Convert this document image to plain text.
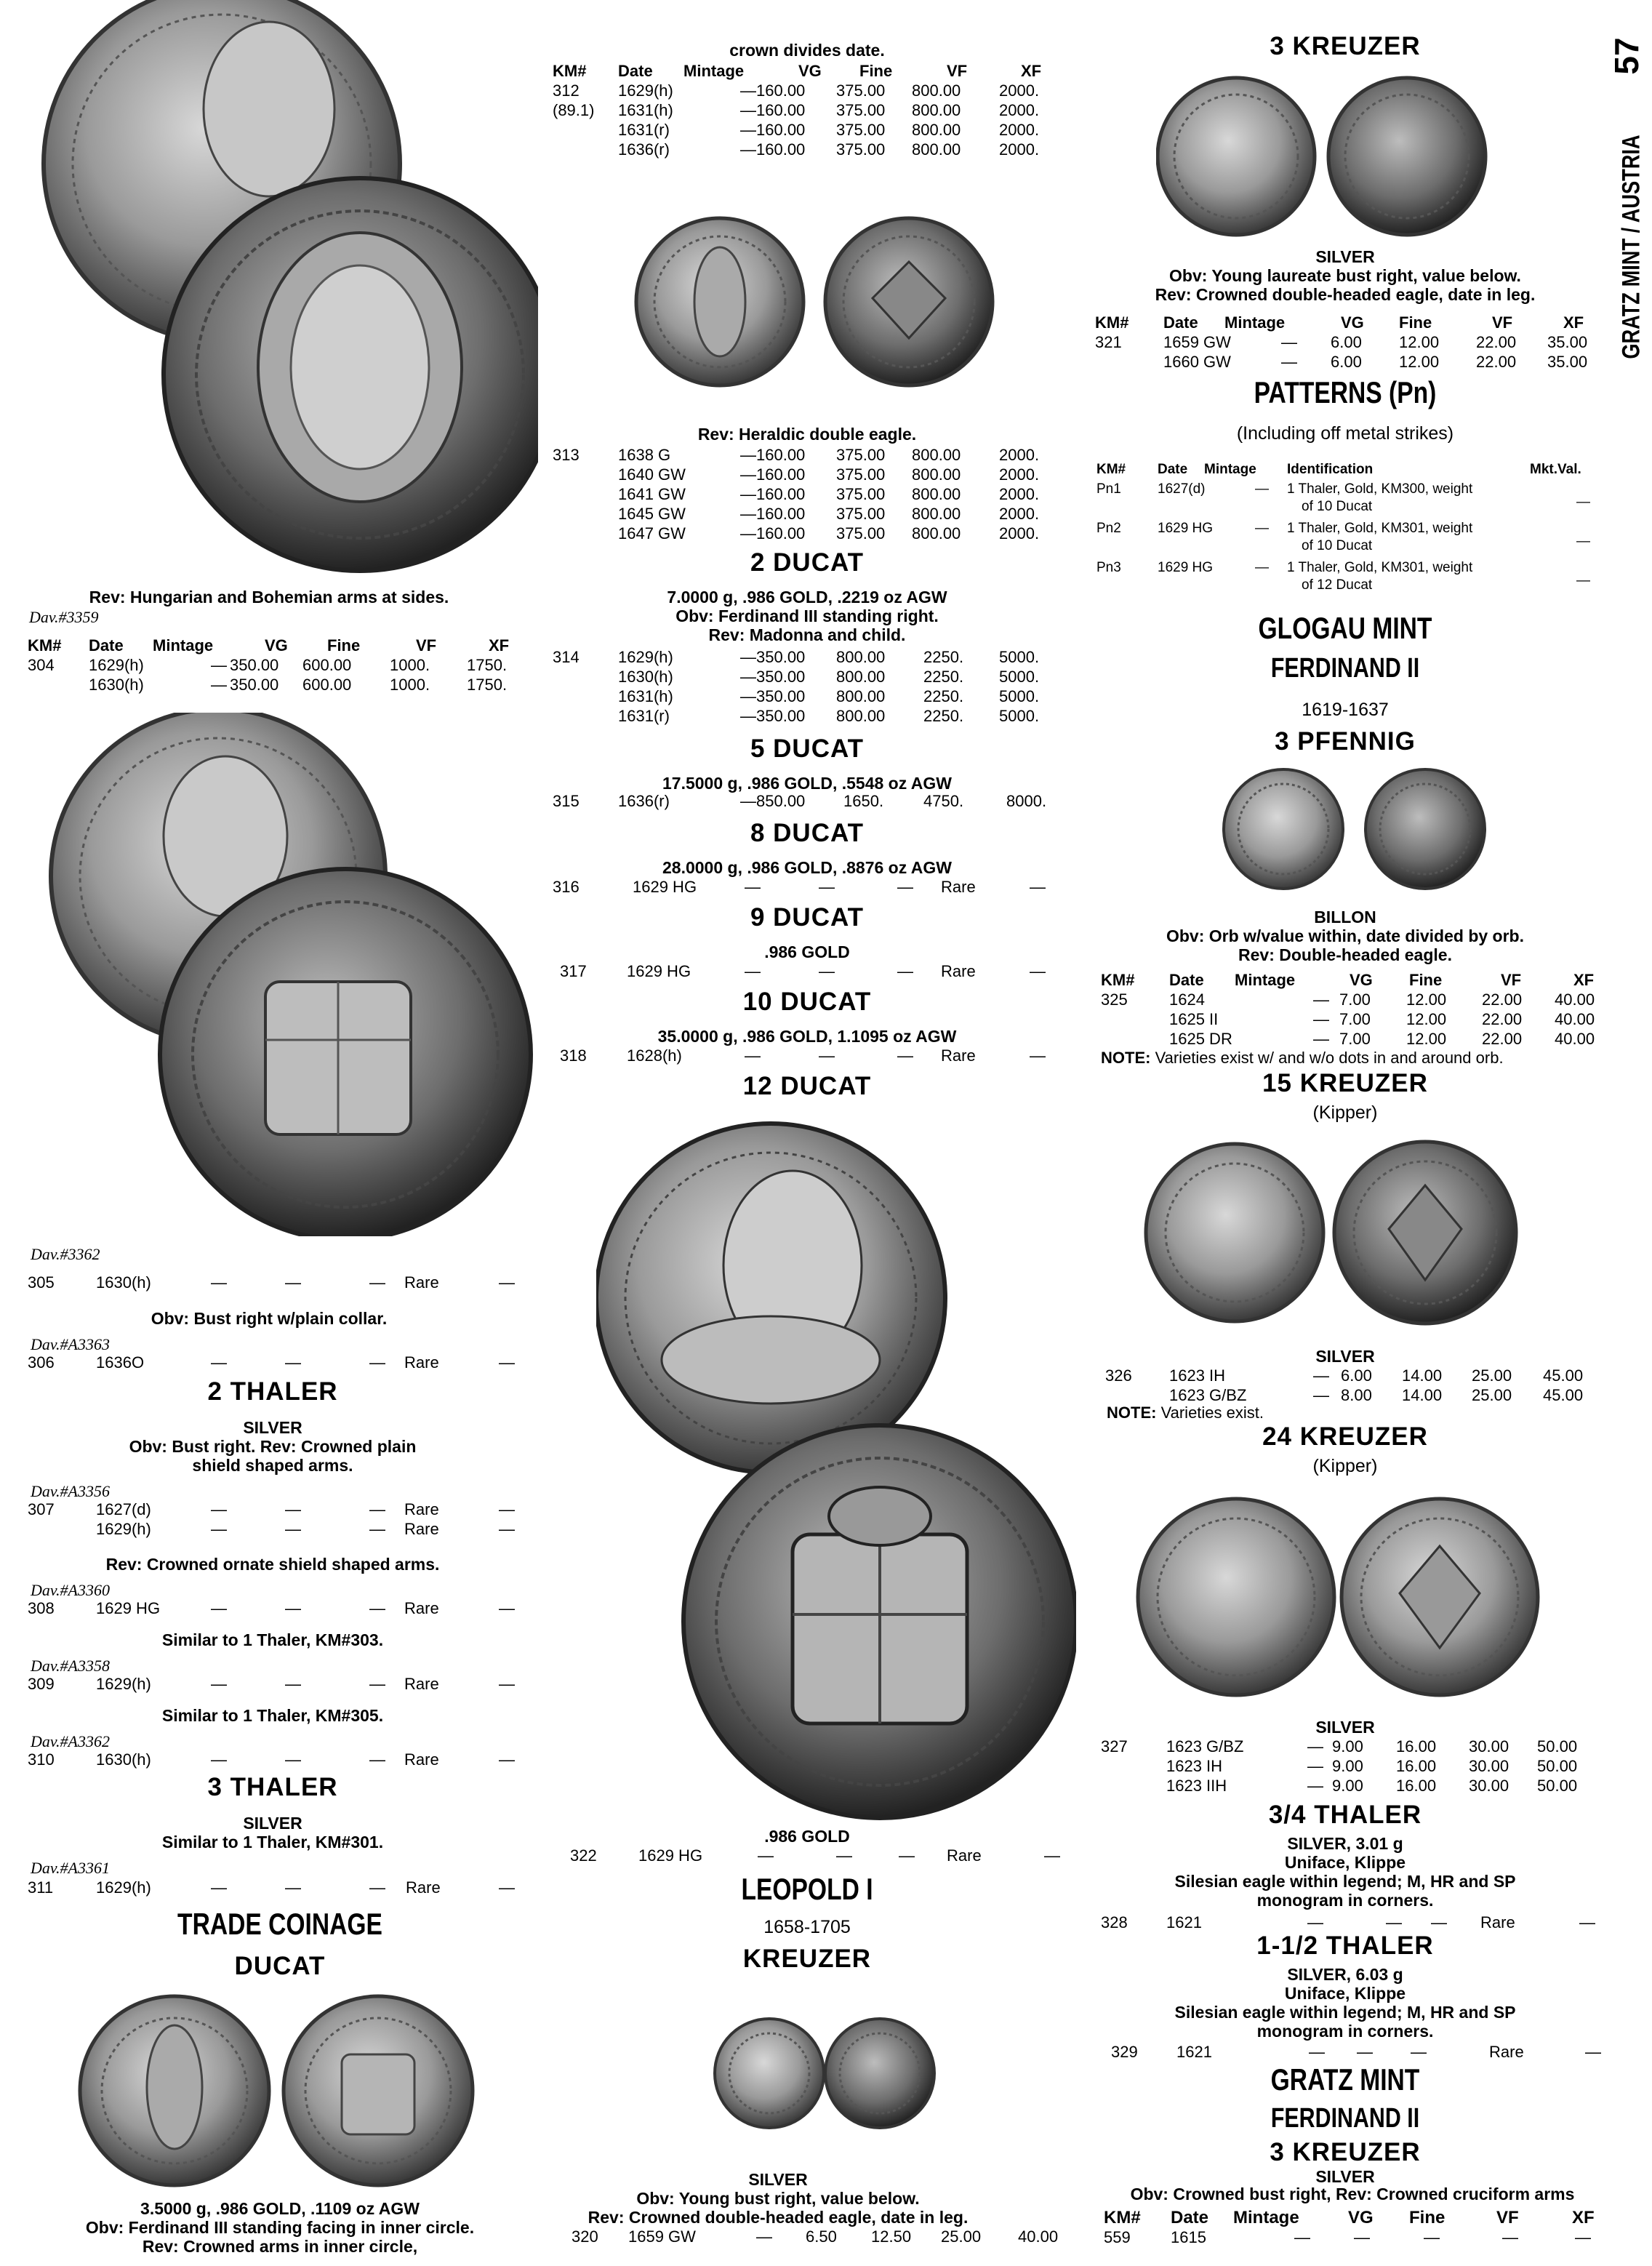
57
GRATZ MINT / AUSTRIA
Rev: Hungarian and Bohemian arms at sides.
Dav.#3359
KM# Date Mintage	VG Fine	VF	XF
304 1629(h)	— 350.00 600.00 1000. 1750.
1630(h)	— 350.00 600.00 1000. 1750.
Dav.#3362
305	1630(h)	—	—	— Rare	—
Obv: Bust right w/plain collar.
Dav.#A3363
306	1636O	—	—	— Rare	—
2 THALER
SILVER
Obv: Bust right. Rev: Crowned plain
shield shaped arms.
Dav.#A3356
307	1627(d)	—	—	— Rare	—
1629(h)	—	—	— Rare	—
Rev: Crowned ornate shield shaped arms.
Dav.#A3360
308	1629 HG	—	—	— Rare	—
Similar to 1 Thaler, KM#303.
Dav.#A3358
309	1629(h)	—	—	— Rare	—
Similar to 1 Thaler, KM#305.
Dav.#A3362
310	1630(h)	—	—	— Rare	—
3 THALER
SILVER
Similar to 1 Thaler, KM#301.
Dav.#A3361
311	1629(h)	—	—	— Rare	—
TRADE COINAGE
DUCAT
3.5000 g, .986 GOLD, .1109 oz AGW
Obv: Ferdinand III standing facing in inner circle.
Rev: Crowned arms in inner circle,
crown divides date.
KM# Date Mintage	VG Fine	VF	XF
312 1629(h)	— 160.00 375.00 800.00 2000.
(89.1) 1631(h)	— 160.00 375.00 800.00 2000.
1631(r)	— 160.00 375.00 800.00 2000.
1636(r)	— 160.00 375.00 800.00 2000.
Rev: Heraldic double eagle.
313 1638 G	— 160.00 375.00 800.00 2000.
1640 GW	— 160.00 375.00 800.00 2000.
1641 GW	— 160.00 375.00 800.00 2000.
1645 GW	— 160.00 375.00 800.00 2000.
1647 GW	— 160.00 375.00 800.00 2000.
2 DUCAT
7.0000 g, .986 GOLD, .2219 oz AGW
Obv: Ferdinand III standing right.
Rev: Madonna and child.
314 1629(h)	— 350.00 800.00 2250. 5000.
1630(h)	— 350.00 800.00 2250. 5000.
1631(h)	— 350.00 800.00 2250. 5000.
1631(r)	— 350.00 800.00 2250. 5000.
5 DUCAT
17.5000 g, .986 GOLD, .5548 oz AGW
315 1636(r)	— 850.00 1650. 4750.	8000.
8 DUCAT
28.0000 g, .986 GOLD, .8876 oz AGW
316	1629 HG	—	—	— Rare	—
9 DUCAT
.986 GOLD
317	1629 HG	—	—	— Rare	—
10 DUCAT
35.0000 g, .986 GOLD, 1.1095 oz AGW
318	1628(h)	—	—	— Rare	—
12 DUCAT
.986 GOLD
322	1629 HG	—	—	— Rare	—
LEOPOLD I
1658-1705
KREUZER
SILVER
Obv: Young bust right, value below.
Rev: Crowned double-headed eagle, date in leg.
320 1659 GW	— 6.50 12.50 25.00 40.00
3 KREUZER
SILVER
Obv: Young laureate bust right, value below.
Rev: Crowned double-headed eagle, date in leg.
KM# Date Mintage	VG Fine	VF	XF
321	1659 GW	— 6.00 12.00 22.00 35.00
1660 GW	— 6.00 12.00 22.00 35.00
PATTERNS (Pn)
(Including off metal strikes)
KM# Date Mintage Identification	Mkt.Val.
Pn1	1627(d)	— 1 Thaler, Gold, KM300, weight
of 10 Ducat	—
Pn2	1629 HG	— 1 Thaler, Gold, KM301, weight
of 10 Ducat	—
Pn3	1629 HG	— 1 Thaler, Gold, KM301, weight
of 12 Ducat	—
GLOGAU MINT
FERDINAND II
1619-1637
3 PFENNIG
BILLON
Obv: Orb w/value within, date divided by orb.
Rev: Double-headed eagle.
KM# Date Mintage	VG Fine	VF	XF
325	1624	— 7.00 12.00 22.00 40.00
1625 II	— 7.00 12.00 22.00 40.00
1625 DR	— 7.00 12.00 22.00 40.00
NOTE: Varieties exist w/ and w/o dots in and around orb.
15 KREUZER
(Kipper)
SILVER
326 1623 IH	— 6.00 14.00 25.00 45.00
1623 G/BZ	— 8.00 14.00 25.00 45.00
NOTE: Varieties exist.
24 KREUZER
(Kipper)
SILVER
327 1623 G/BZ	— 9.00 16.00 30.00 50.00
1623 IH	— 9.00 16.00 30.00 50.00
1623 IIH	— 9.00 16.00 30.00 50.00
3/4 THALER
SILVER, 3.01 g
Uniface, Klippe
Silesian eagle within legend; M, HR and SP
monogram in corners.
328 1621	—	— — Rare	—
1-1/2 THALER
SILVER, 6.03 g
Uniface, Klippe
Silesian eagle within legend; M, HR and SP
monogram in corners.
329 1621	— — —	Rare	—
GRATZ MINT
FERDINAND II
3 KREUZER
SILVER
Obv: Crowned bust right, Rev: Crowned cruciform arms
KM# Date Mintage	VG Fine	VF	XF
559	1615	—	—	—	—	—
